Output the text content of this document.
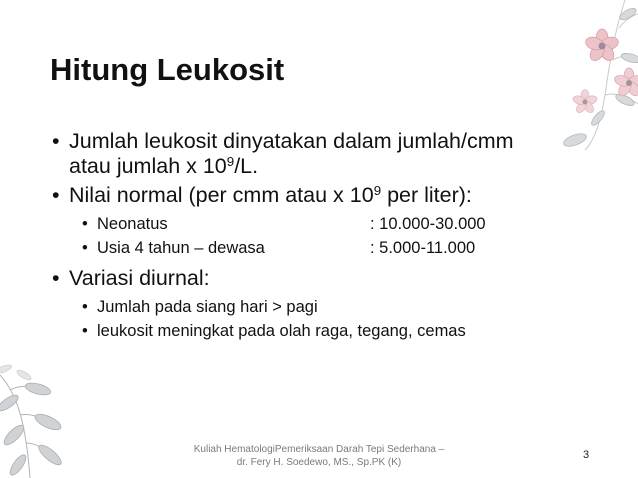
Hitung Leukosit
• Jumlah leukosit dinyatakan dalam jumlah/cmm
atau jumlah x $10^9/L$.
• Nilai normal (per cmm atau x $10^9$ per liter):
• Neonatus	: 10.000-30.000
• Usia 4 tahun – dewasa	: 5.000-11.000
• Variasi diurnal:
• Jumlah pada siang hari > pagi
• leukosit meningkat pada olah raga, tegang, cemas
Kuliah HematologiPemeriksaan Darah Tepi Sederhana –
dr. Fery H. Soedewo, MS., Sp.PK (K)
3
